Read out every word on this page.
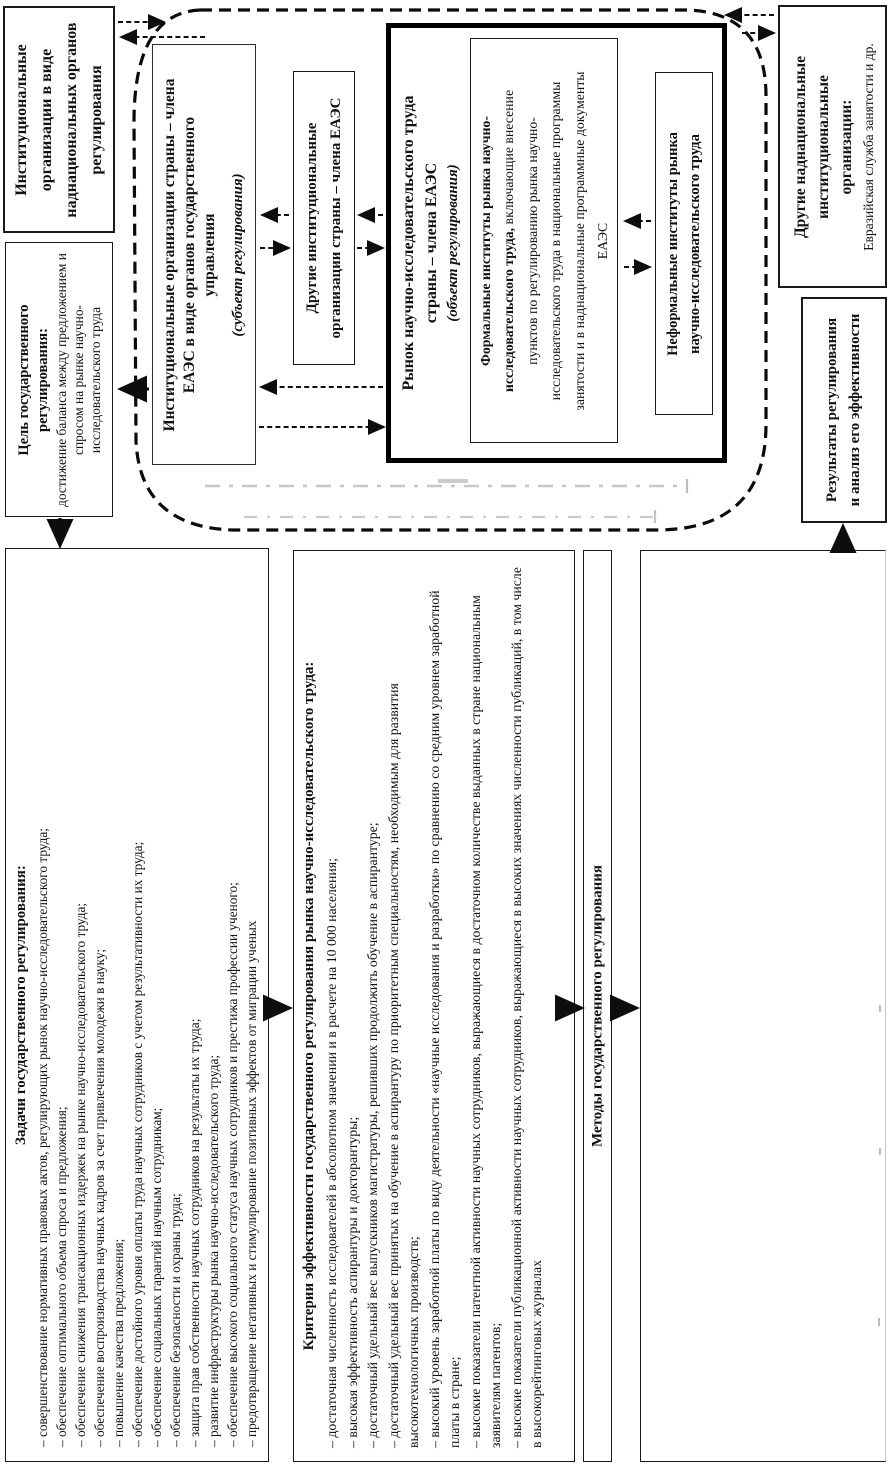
Институциональные организации в виде наднациональных органов регулирования
Цель государственного регулирования: достижение баланса между предложением и спросом на рынке научно-исследовательского труда	Институциональные организации страны – члена ЕАЭС в виде органов государственного управления (субъект регулирования)	Другие институциональные организации страны – члена ЕАЭС	Рынок научно-исследовательского труда страны – члена ЕАЭС (объект регулирования) Формальные институты рынка научно-исследовательского труда, включающие внесение пунктов по регулированию рынка научно-исследовательского труда в национальные программы занятости и в наднациональные программные документы ЕАЭС	Неформальные институты рынка научно-исследовательского труда	Другие наднациональные институциональные организации: Евразийская служба занятости и др.
Результаты регулирования и анализ его эффективности
Задачи государственного регулирования: – совершенствование нормативных правовых актов, регулирующих рынок научно-исследовательского труда; – обеспечение оптимального объема спроса и предложения; – обеспечение снижения трансакционных издержек на рынке научно-исследовательского труда; – обеспечение воспроизводства научных кадров за счет привлечения молодежи в науку; – повышение качества предложения; – обеспечение достойного уровня оплаты труда научных сотрудников с учетом результативности их труда; – обеспечение социальных гарантий научным сотрудникам; – обеспечение безопасности и охраны труда; – защита прав собственности научных сотрудников на результаты их труда; – развитие инфраструктуры рынка научно-исследовательского труда; – обеспечение высокого социального статуса научных сотрудников и престижа профессии ученого; – предотвращение негативных и стимулирование позитивных эффектов от миграции ученых	Критерии эффективности государственного регулирования рынка научно-исследовательского труда: – достаточная численность исследователей в абсолютном значении и в расчете на 10 000 населения; – высокая эффективность аспирантуры и докторантуры; – достаточный удельный вес выпускников магистратуры, решивших продолжить обучение в аспирантуре; – достаточный удельный вес принятых на обучение в аспирантуру по приоритетным специальностям, необходимым для развития высокотехнологичных производств; – высокий уровень заработной платы по виду деятельности «научные исследования и разработки» по сравнению со средним уровнем заработной платы в стране; – высокие показатели патентной активности научных сотрудников, выражающиеся в достаточном количестве выданных в стране национальным заявителям патентов; – высокие показатели публикационной активности научных сотрудников, выражающиеся в высоких значениях численности публикаций, в том числе в высокорейтинговых журналах
Методы государственного регулирования
